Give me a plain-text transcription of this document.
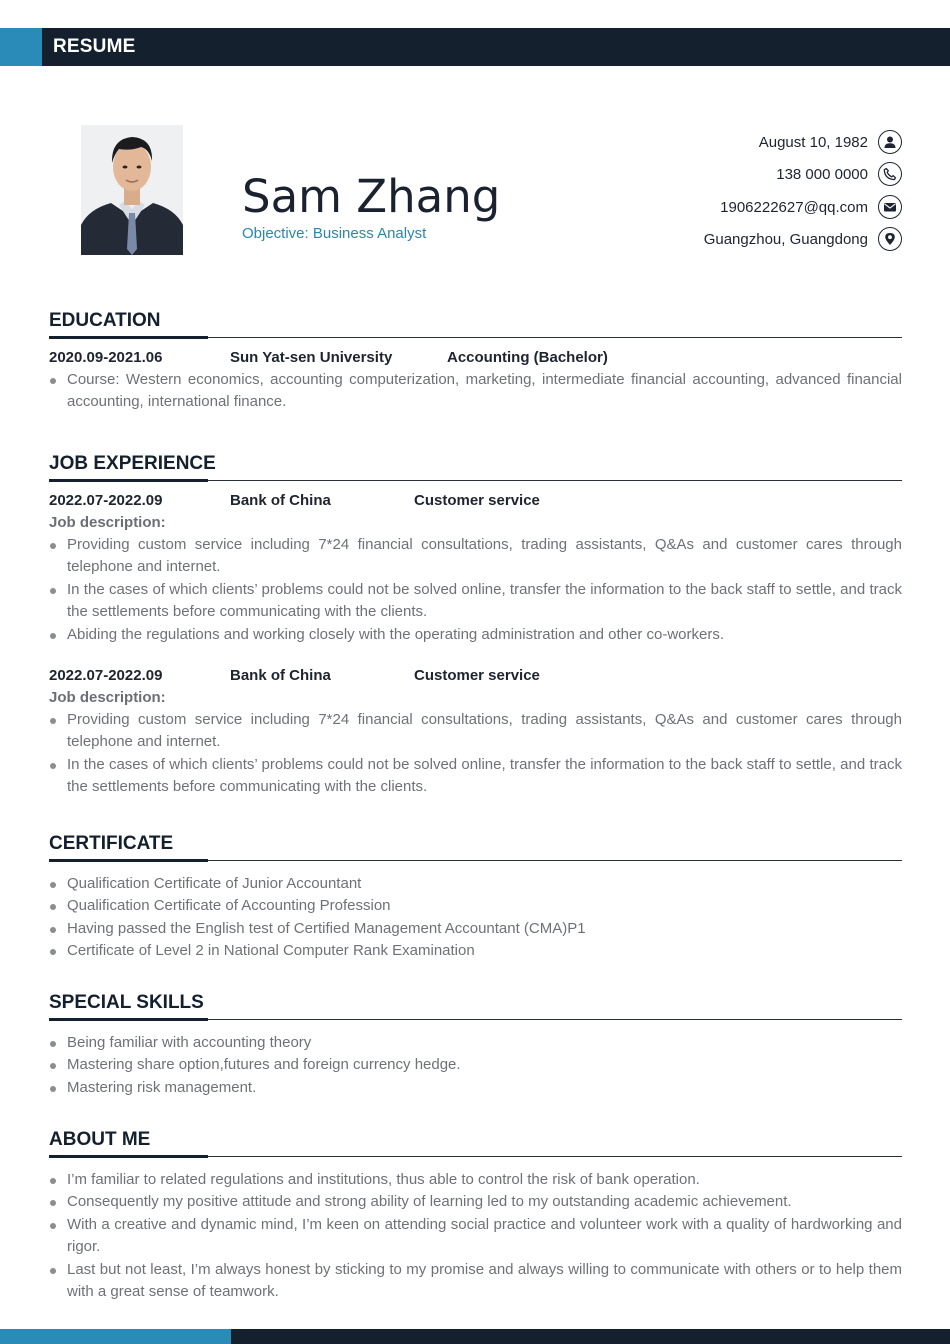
RESUME
Sam Zhang
Objective: Business Analyst
August 10, 1982
138 000 0000
1906222627@qq.com
Guangzhou, Guangdong
EDUCATION
2020.09-2021.06	Sun Yat-sen University	Accounting (Bachelor)
Course: Western economics, accounting computerization, marketing, intermediate financial accounting, advanced financial accounting, international finance.
JOB EXPERIENCE
2022.07-2022.09	Bank of China	Customer service
Job description:
Providing custom service including 7*24 financial consultations, trading assistants, Q&As and customer cares through telephone and internet.
In the cases of which clients’ problems could not be solved online, transfer the information to the back staff to settle, and track the settlements before communicating with the clients.
Abiding the regulations and working closely with the operating administration and other co-workers.
2022.07-2022.09	Bank of China	Customer service
Job description:
Providing custom service including 7*24 financial consultations, trading assistants, Q&As and customer cares through telephone and internet.
In the cases of which clients’ problems could not be solved online, transfer the information to the back staff to settle, and track the settlements before communicating with the clients.
CERTIFICATE
Qualification Certificate of Junior Accountant
Qualification Certificate of Accounting Profession
Having passed the English test of Certified Management Accountant (CMA)P1
Certificate of Level 2 in National Computer Rank Examination
SPECIAL SKILLS
Being familiar with accounting theory
Mastering share option,futures and foreign currency hedge.
Mastering risk management.
ABOUT ME
I’m familiar to related regulations and institutions, thus able to control the risk of bank operation.
Consequently my positive attitude and strong ability of learning led to my outstanding academic achievement.
With a creative and dynamic mind, I’m keen on attending social practice and volunteer work with a quality of hardworking and rigor.
Last but not least, I’m always honest by sticking to my promise and always willing to communicate with others or to help them with a great sense of teamwork.
